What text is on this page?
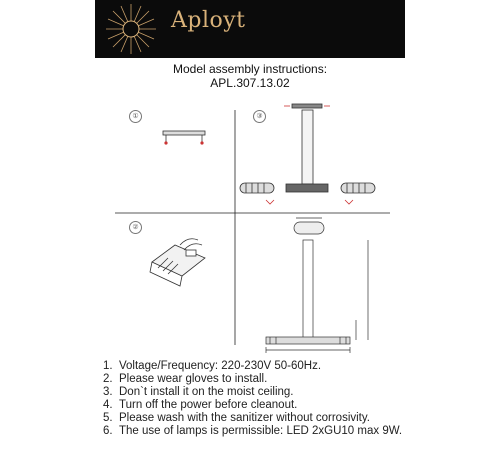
Aployt
Model assembly instructions:
APL.307.13.02
①
②
③
1. Voltage/Frequency: 220-230V 50-60Hz.
2. Please wear gloves to install.
3. Don`t install it on the moist ceiling.
4. Turn off the power before cleanout.
5. Please wash with the sanitizer without corrosivity.
6. The use of lamps is permissible: LED 2xGU10 max 9W.
